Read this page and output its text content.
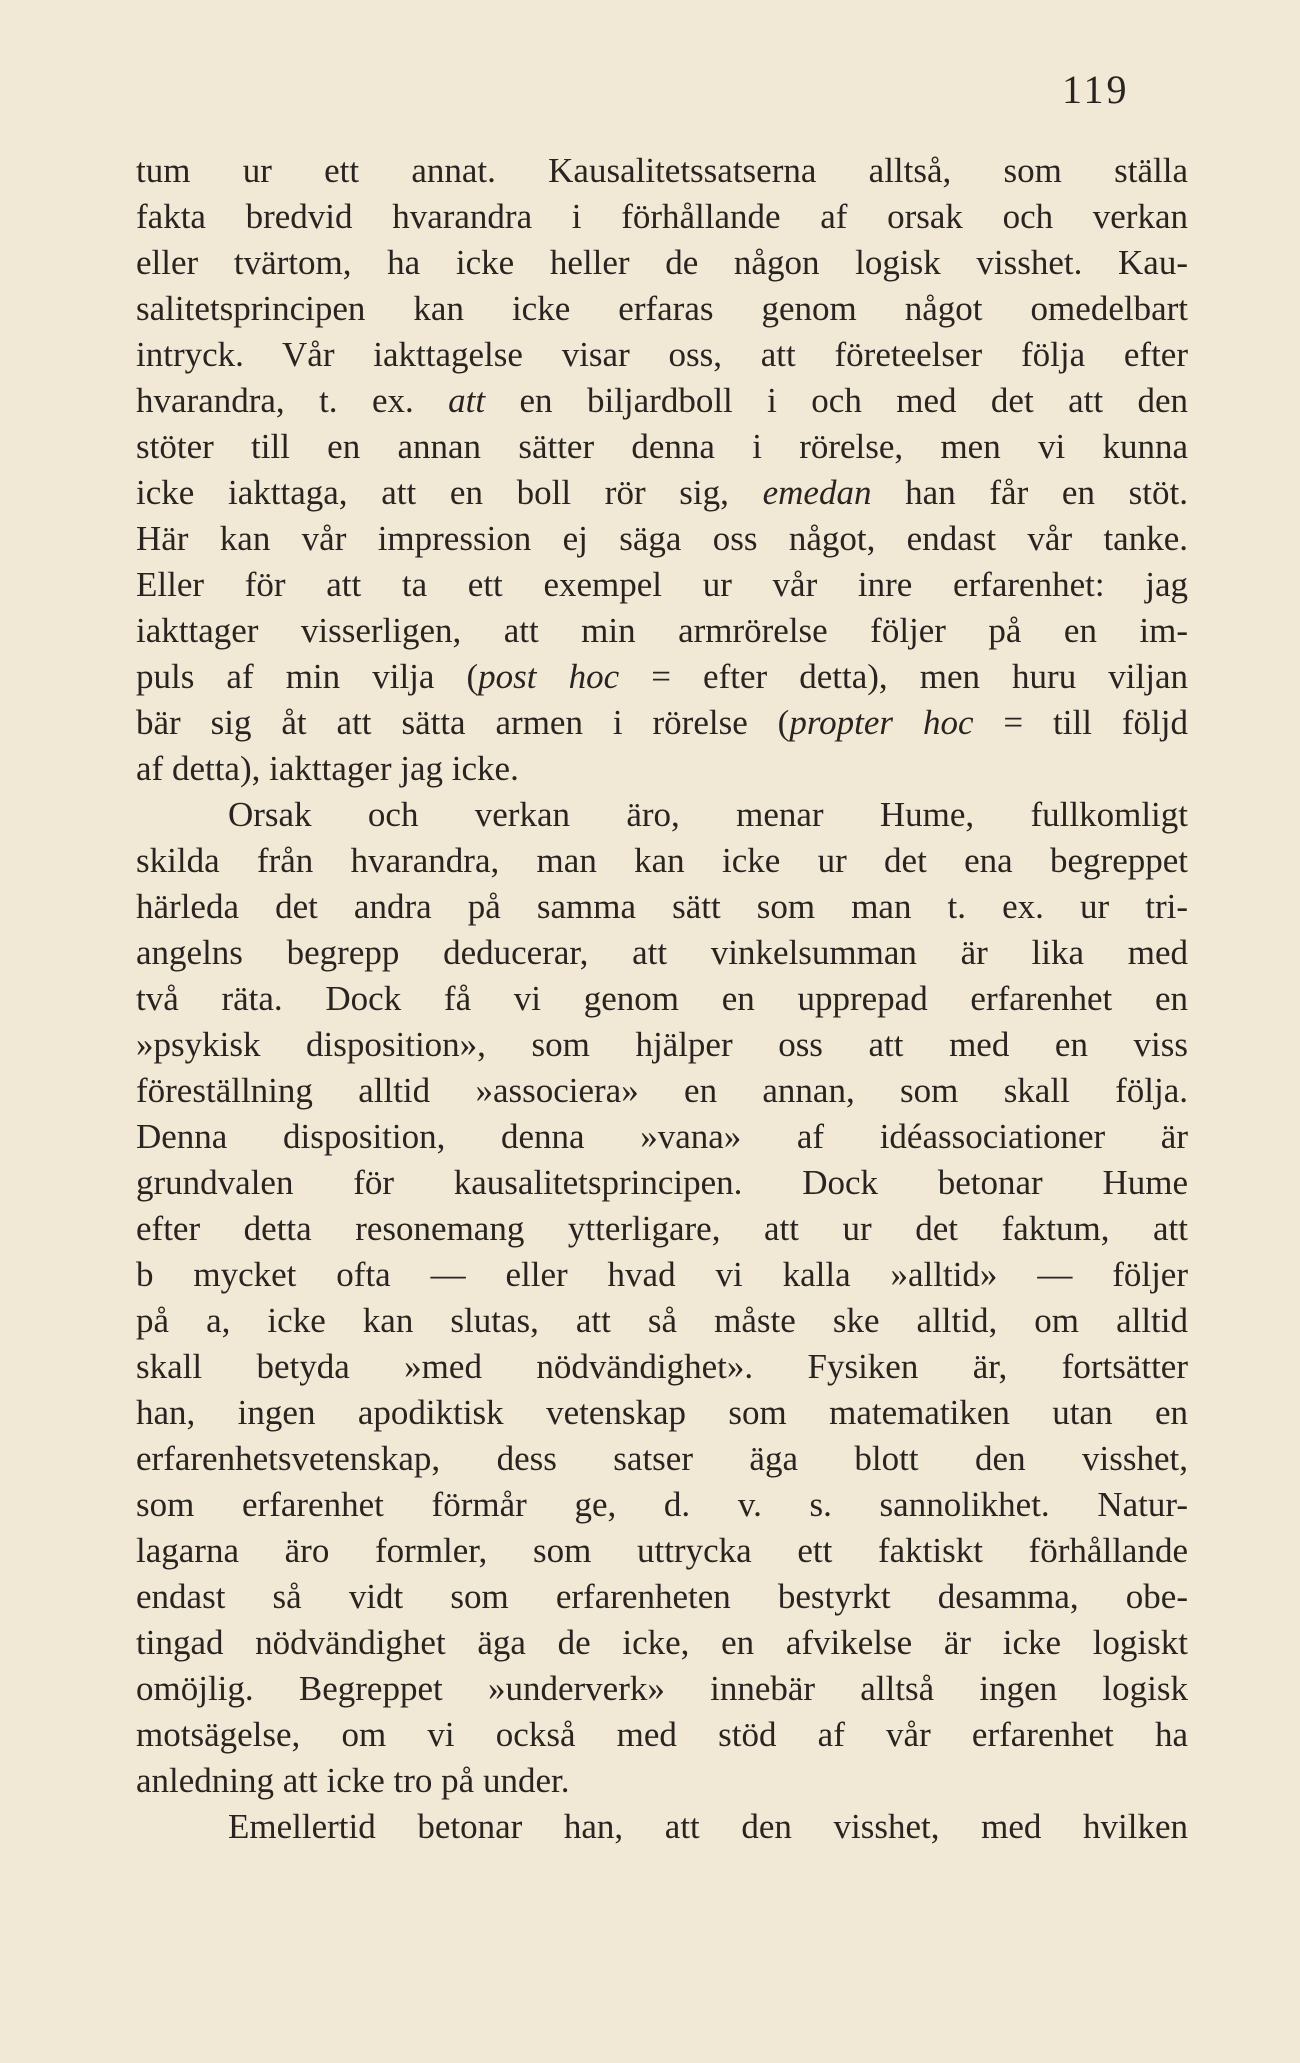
119
tum ur ett annat. Kausalitetssatserna alltså, som ställa
fakta bredvid hvarandra i förhållande af orsak och verkan
eller tvärtom, ha icke heller de någon logisk visshet. Kau-
salitetsprincipen kan icke erfaras genom något omedelbart
intryck. Vår iakttagelse visar oss, att företeelser följa efter
hvarandra, t. ex. att en biljardboll i och med det att den
stöter till en annan sätter denna i rörelse, men vi kunna
icke iakttaga, att en boll rör sig, emedan han får en stöt.
Här kan vår impression ej säga oss något, endast vår tanke.
Eller för att ta ett exempel ur vår inre erfarenhet: jag
iakttager visserligen, att min armrörelse följer på en im-
puls af min vilja (post hoc = efter detta), men huru viljan
bär sig åt att sätta armen i rörelse (propter hoc = till följd
af detta), iakttager jag icke.
Orsak och verkan äro, menar Hume, fullkomligt
skilda från hvarandra, man kan icke ur det ena begreppet
härleda det andra på samma sätt som man t. ex. ur tri-
angelns begrepp deducerar, att vinkelsumman är lika med
två räta. Dock få vi genom en upprepad erfarenhet en
»psykisk disposition», som hjälper oss att med en viss
föreställning alltid »associera» en annan, som skall följa.
Denna disposition, denna »vana» af idéassociationer är
grundvalen för kausalitetsprincipen. Dock betonar Hume
efter detta resonemang ytterligare, att ur det faktum, att
b mycket ofta — eller hvad vi kalla »alltid» — följer
på a, icke kan slutas, att så måste ske alltid, om alltid
skall betyda »med nödvändighet». Fysiken är, fortsätter
han, ingen apodiktisk vetenskap som matematiken utan en
erfarenhetsvetenskap, dess satser äga blott den visshet,
som erfarenhet förmår ge, d. v. s. sannolikhet. Natur-
lagarna äro formler, som uttrycka ett faktiskt förhållande
endast så vidt som erfarenheten bestyrkt desamma, obe-
tingad nödvändighet äga de icke, en afvikelse är icke logiskt
omöjlig. Begreppet »underverk» innebär alltså ingen logisk
motsägelse, om vi också med stöd af vår erfarenhet ha
anledning att icke tro på under.
Emellertid betonar han, att den visshet, med hvilken
